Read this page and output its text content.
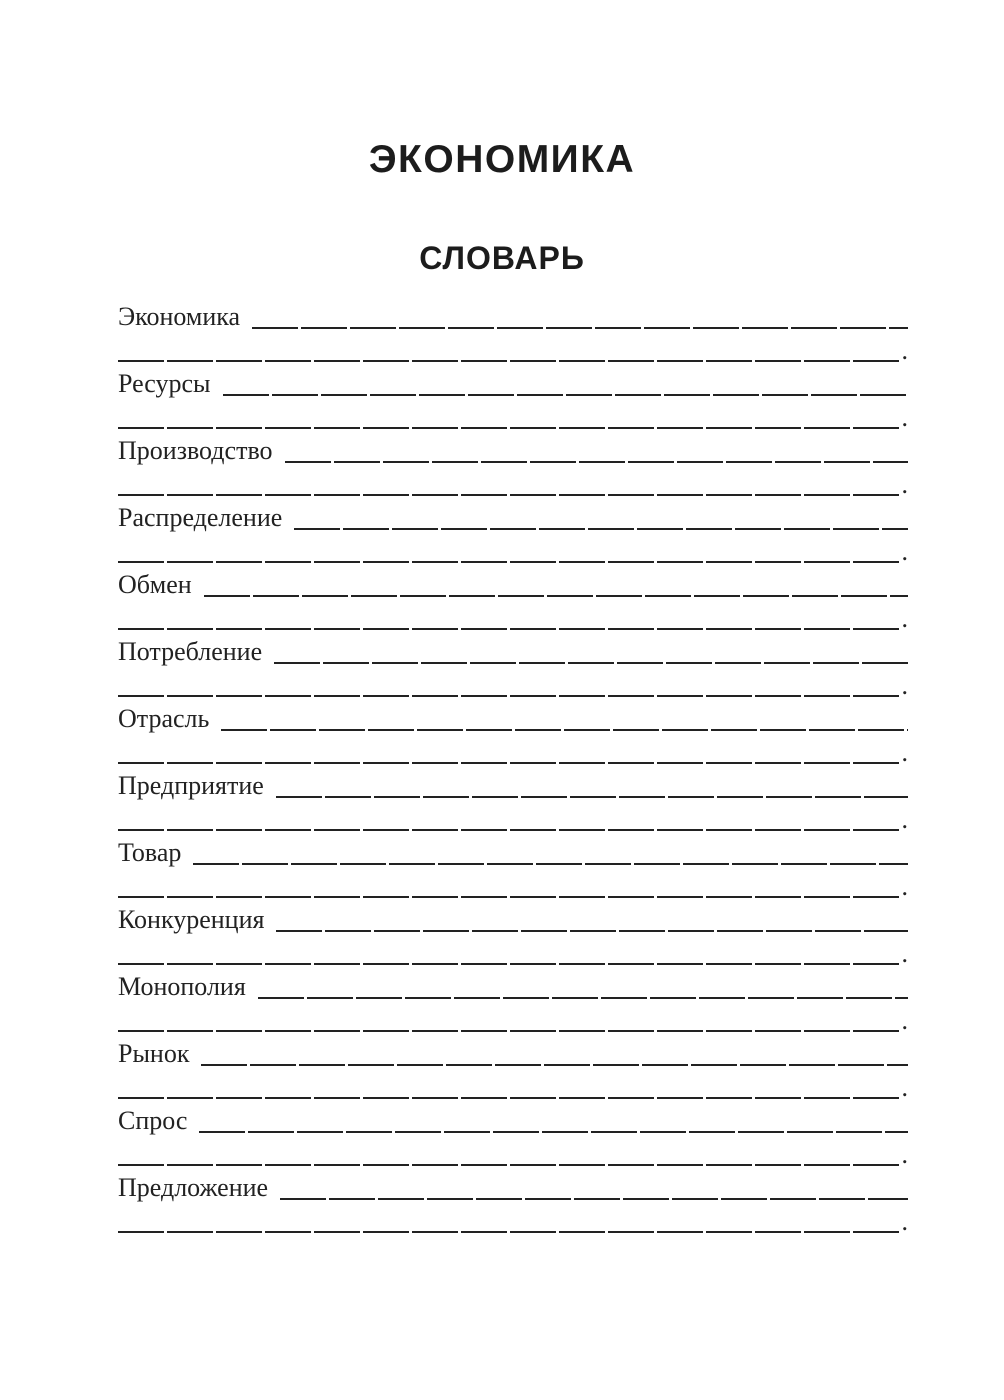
ЭКОНОМИКА
СЛОВАРЬ
Экономика
.
Ресурсы
.
Производство
.
Распределение
.
Обмен
.
Потребление
.
Отрасль
.
Предприятие
.
Товар
.
Конкуренция
.
Монополия
.
Рынок
.
Спрос
.
Предложение
.
